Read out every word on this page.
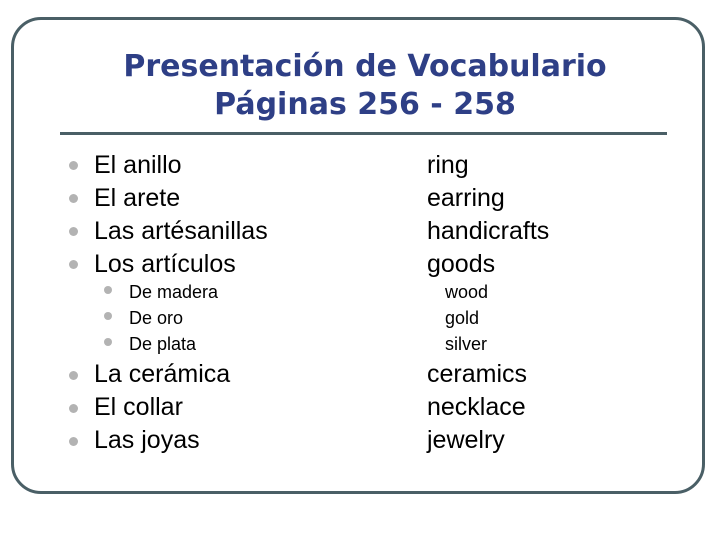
Presentación de Vocabulario
Páginas 256 - 258
El anillo	ring
El arete	earring
Las artésanillas	handicrafts
Los artículos	goods
De madera	wood
De oro	gold
De plata	silver
La cerámica	ceramics
El collar	necklace
Las joyas	jewelry
